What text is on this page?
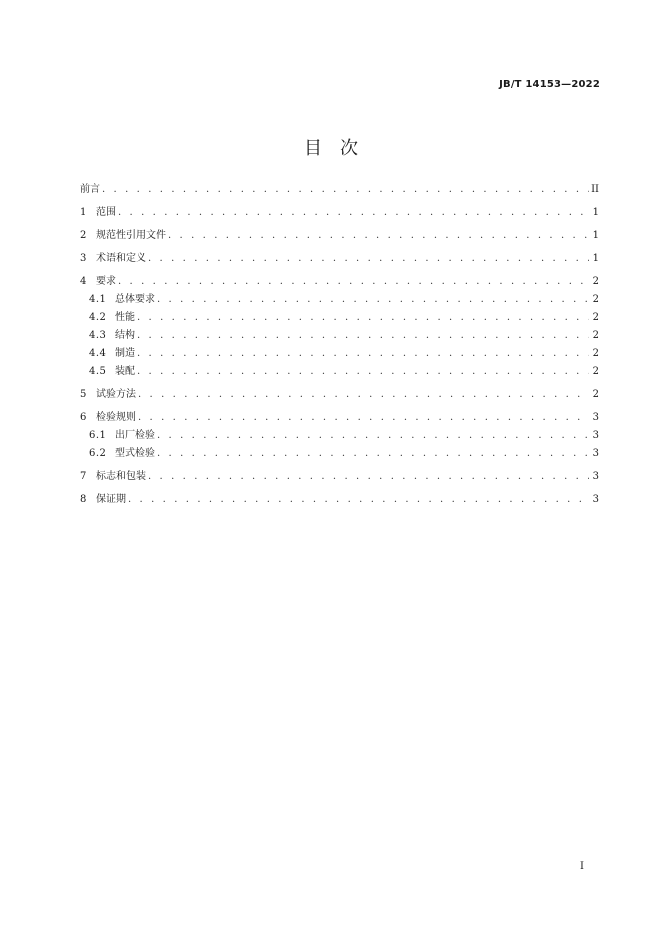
JB/T 14153—2022
目　次
前言 . . .	II
1 范围 . . .	1
2 规范性引用文件 . . .	1
3 术语和定义 . . .	1
4 要求 . . .	2
4.1 总体要求 . . .	2
4.2 性能 . . .	2
4.3 结构 . . .	2
4.4 制造 . . .	2
4.5 装配 . . .	2
5 试验方法 . . .	2
6 检验规则 . . .	3
6.1 出厂检验 . . .	3
6.2 型式检验 . . .	3
7 标志和包装 . . .	3
8 保证期 . . .	3
I
